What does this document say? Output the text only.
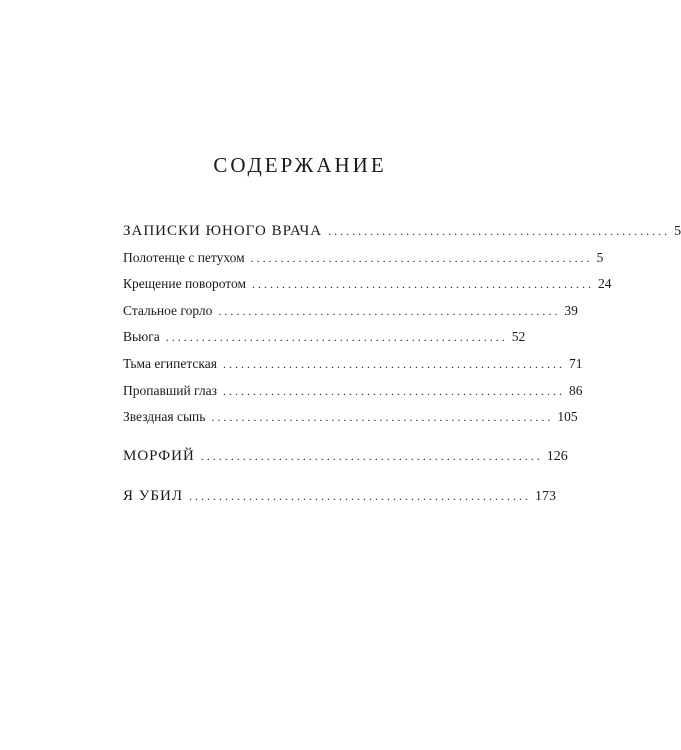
СОДЕРЖАНИЕ
ЗАПИСКИ ЮНОГО ВРАЧА ......................................................... 5
Полотенце с петухом ......................................................... 5
Крещение поворотом ......................................................... 24
Стальное горло ......................................................... 39
Вьюга ......................................................... 52
Тьма египетская ......................................................... 71
Пропавший глаз ......................................................... 86
Звездная сыпь ......................................................... 105
МОРФИЙ ......................................................... 126
Я УБИЛ ......................................................... 173
